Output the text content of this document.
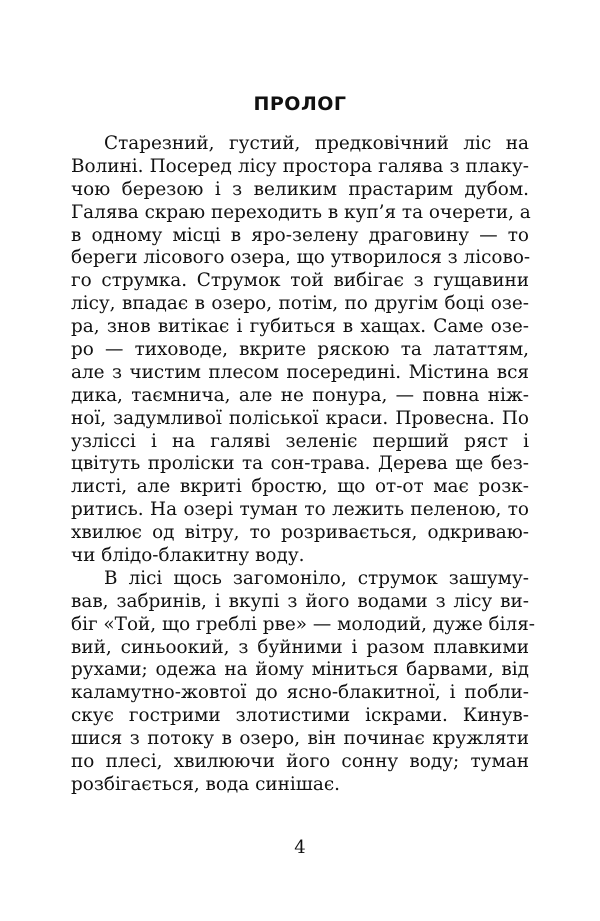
ПРОЛОГ
Старезний, густий, предковічний ліс на
Волині. Посеред лісу простора галява з плаку-
чою березою і з великим прастарим дубом.
Галява скраю переходить в куп’я та очерети, а
в одному місці в яро-зелену драговину — то
береги лісового озера, що утворилося з лісово-
го струмка. Струмок той вибігає з гущавини
лісу, впадає в озеро, потім, по другім боці озе-
ра, знов витікає і губиться в хащах. Саме озе-
ро — тиховоде, вкрите ряскою та лататтям,
але з чистим плесом посередині. Містина вся
дика, таємнича, але не понура, — повна ніж-
ної, задумливої поліської краси. Провесна. По
узліссі і на галяві зеленіє перший ряст і
цвітуть проліски та сон-трава. Дерева ще без-
листі, але вкриті бростю, що от-от має розк-
ритись. На озері туман то лежить пеленою, то
хвилює од вітру, то розривається, одкриваю-
чи блідо-блакитну воду.
В лісі щось загомоніло, струмок зашуму-
вав, забринів, і вкупі з його водами з лісу ви-
біг «Той, що греблі рве» — молодий, дуже біля-
вий, синьоокий, з буйними і разом плавкими
рухами; одежа на йому міниться барвами, від
каламутно-жовтої до ясно-блакитної, і побли-
скує гострими злотистими іскрами. Кинув-
шися з потоку в озеро, він починає кружляти
по плесі, хвилюючи його сонну воду; туман
розбігається, вода синішає.
4
